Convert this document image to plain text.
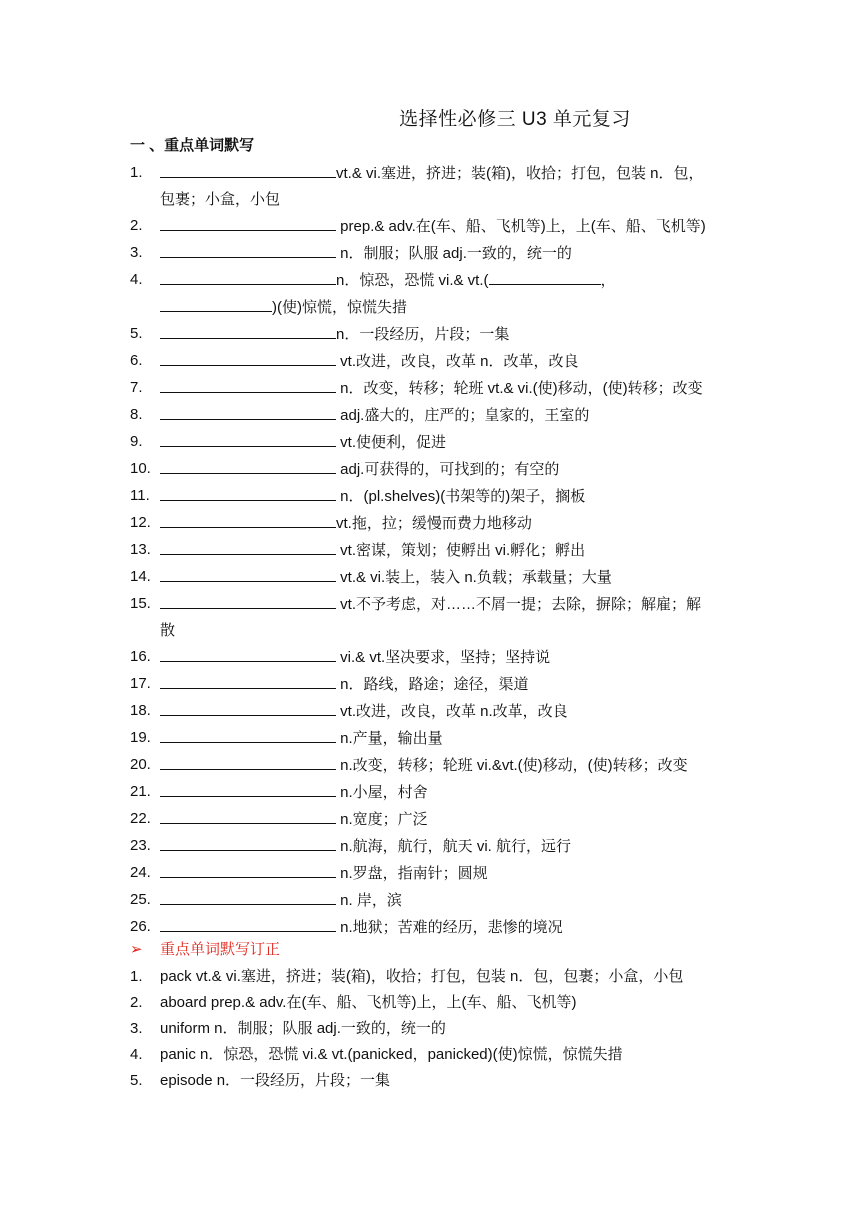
选择性必修三 U3 单元复习
一 、重点单词默写
1.	vt.& vi.塞进，挤进；装(箱)，收拾；打包，包装 n．包，
包裹；小盒，小包
2.	prep.& adv.在(车、船、飞机等)上，上(车、船、飞机等)
3.	n．制服；队服 adj.一致的，统一的
4.	n．惊恐，恐慌 vi.& vt.(	，
)(使)惊慌，惊慌失措
5.	n．一段经历，片段；一集
6.	vt.改进，改良，改革 n．改革，改良
7.	n．改变，转移；轮班 vt.& vi.(使)移动，(使)转移；改变
8.	adj.盛大的，庄严的；皇家的，王室的
9.	vt.使便利，促进
10.	adj.可获得的，可找到的；有空的
11.	n．(pl.shelves)(书架等的)架子，搁板
12.	vt.拖，拉；缓慢而费力地移动
13.	vt.密谋，策划；使孵出 vi.孵化；孵出
14.	vt.& vi.装上，装入 n.负载；承载量；大量
15.	vt.不予考虑，对……不屑一提；去除，摒除；解雇；解
散
16.	vi.& vt.坚决要求，坚持；坚持说
17.	n．路线，路途；途径，渠道
18.	vt.改进，改良，改革 n.改革，改良
19.	n.产量，输出量
20.	n.改变，转移；轮班 vi.&vt.(使)移动，(使)转移；改变
21.	n.小屋，村舍
22.	n.宽度；广泛
23.	n.航海，航行，航天 vi. 航行，远行
24.	n.罗盘，指南针；圆规
25.	n. 岸，滨
26.	n.地狱；苦难的经历，悲惨的境况
➢	重点单词默写订正
1.	pack vt.& vi.塞进，挤进；装(箱)，收拾；打包，包装 n．包，包裹；小盒，小包
2.	aboard prep.& adv.在(车、船、飞机等)上，上(车、船、飞机等)
3.	uniform n．制服；队服 adj.一致的，统一的
4.	panic n．惊恐，恐慌 vi.& vt.(panicked，panicked)(使)惊慌，惊慌失措
5.	episode n．一段经历，片段；一集
